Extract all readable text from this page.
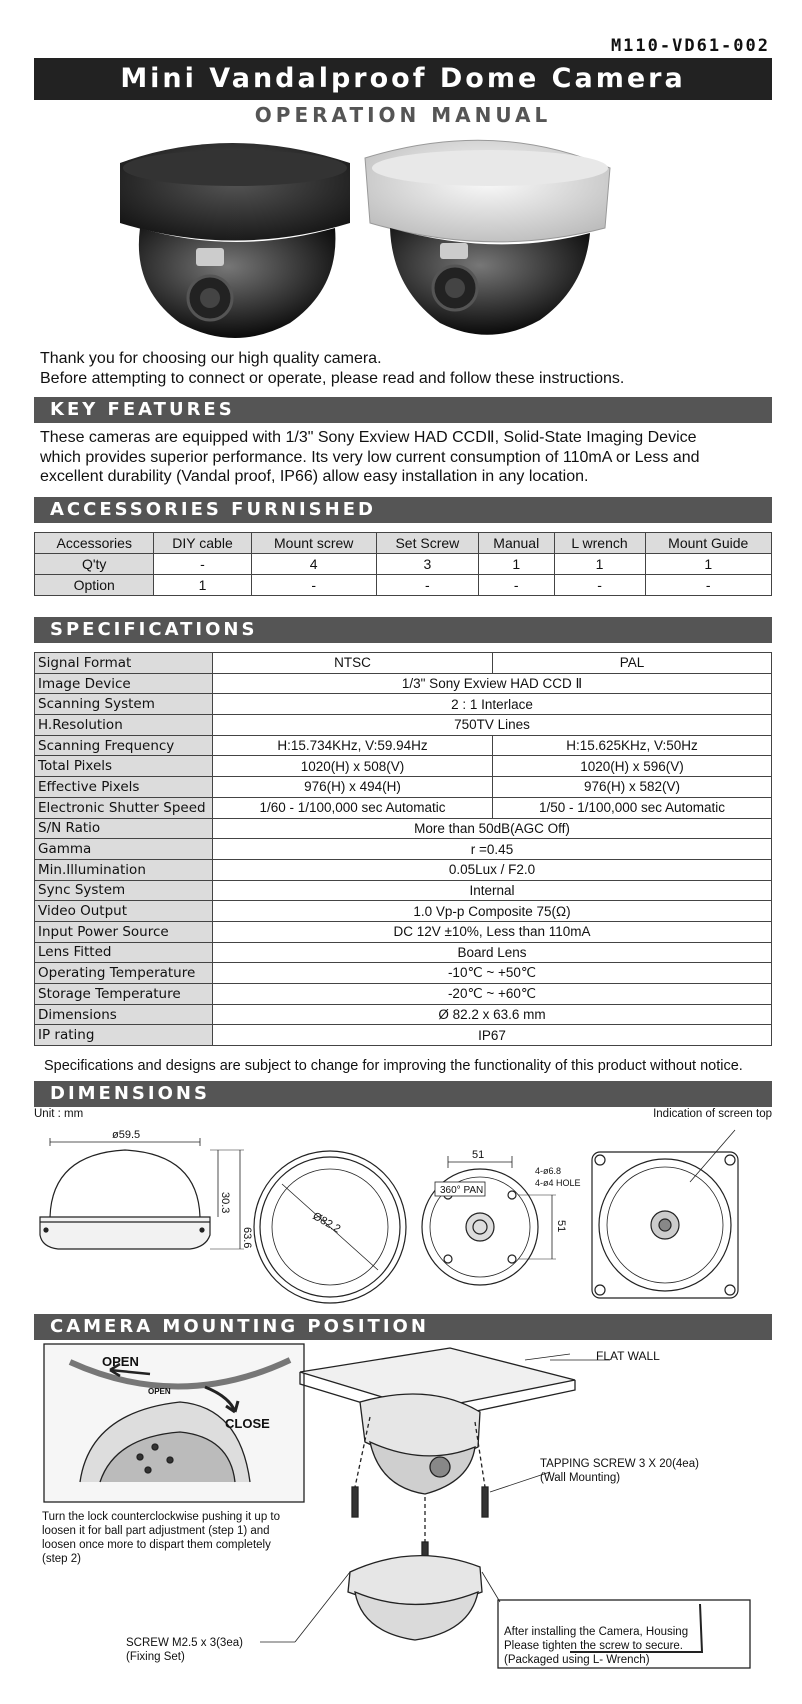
M110-VD61-002
Mini Vandalproof Dome Camera
OPERATION MANUAL
Thank you for choosing our high quality camera.
Before attempting to connect or operate, please read and follow these instructions.
KEY FEATURES
These cameras are equipped with 1/3" Sony Exview HAD CCDⅡ, Solid-State Imaging Device
which provides superior performance. Its very low current consumption of 110mA or Less and
excellent durability (Vandal proof, IP66) allow easy installation in any location.
ACCESSORIES FURNISHED
Accessories	DIY cable	Mount screw	Set Screw	Manual	L wrench	Mount Guide
Q'ty	-	4	3	1	1	1
Option	1	-	-	-	-	-
SPECIFICATIONS
Signal Format	NTSC	PAL
Image Device	1/3" Sony Exview HAD CCD Ⅱ	
Scanning System	2 : 1 Interlace	
H.Resolution	750TV Lines	
Scanning Frequency	H:15.734KHz, V:59.94Hz	H:15.625KHz, V:50Hz
Total Pixels	1020(H) x 508(V)	1020(H) x 596(V)
Effective Pixels	976(H) x 494(H)	976(H) x 582(V)
Electronic Shutter Speed	1/60 - 1/100,000 sec Automatic	1/50 - 1/100,000 sec Automatic
S/N Ratio	More than 50dB(AGC Off)	
Gamma	r =0.45	
Min.Illumination	0.05Lux / F2.0	
Sync System	Internal	
Video Output	1.0 Vp-p Composite 75(Ω)	
Input Power Source	DC 12V ±10%, Less than 110mA	
Lens Fitted	Board Lens	
Operating Temperature	-10℃ ~ +50℃	
Storage Temperature	-20℃ ~ +60℃	
Dimensions	Ø 82.2 x 63.6 mm	
IP rating	IP67	
Specifications and designs are subject to change for improving the functionality of this product without notice.
DIMENSIONS
Unit : mm	Indication of screen top
ø59.5
30.3
63.6
Ø82.2
51
51
4-ø6.8
4-ø4 HOLE
360° PAN
CAMERA MOUNTING POSITION
OPEN
CLOSE
OPEN
FLAT WALL
TAPPING SCREW 3 X 20(4ea)
(Wall Mounting)
Turn the lock counterclockwise pushing it up to
loosen it for ball part adjustment (step 1) and
loosen once more to dispart them completely
(step 2)
SCREW M2.5 x 3(3ea)
(Fixing Set)
After installing the Camera, Housing
Please tighten the screw to secure.
(Packaged using L- Wrench)
